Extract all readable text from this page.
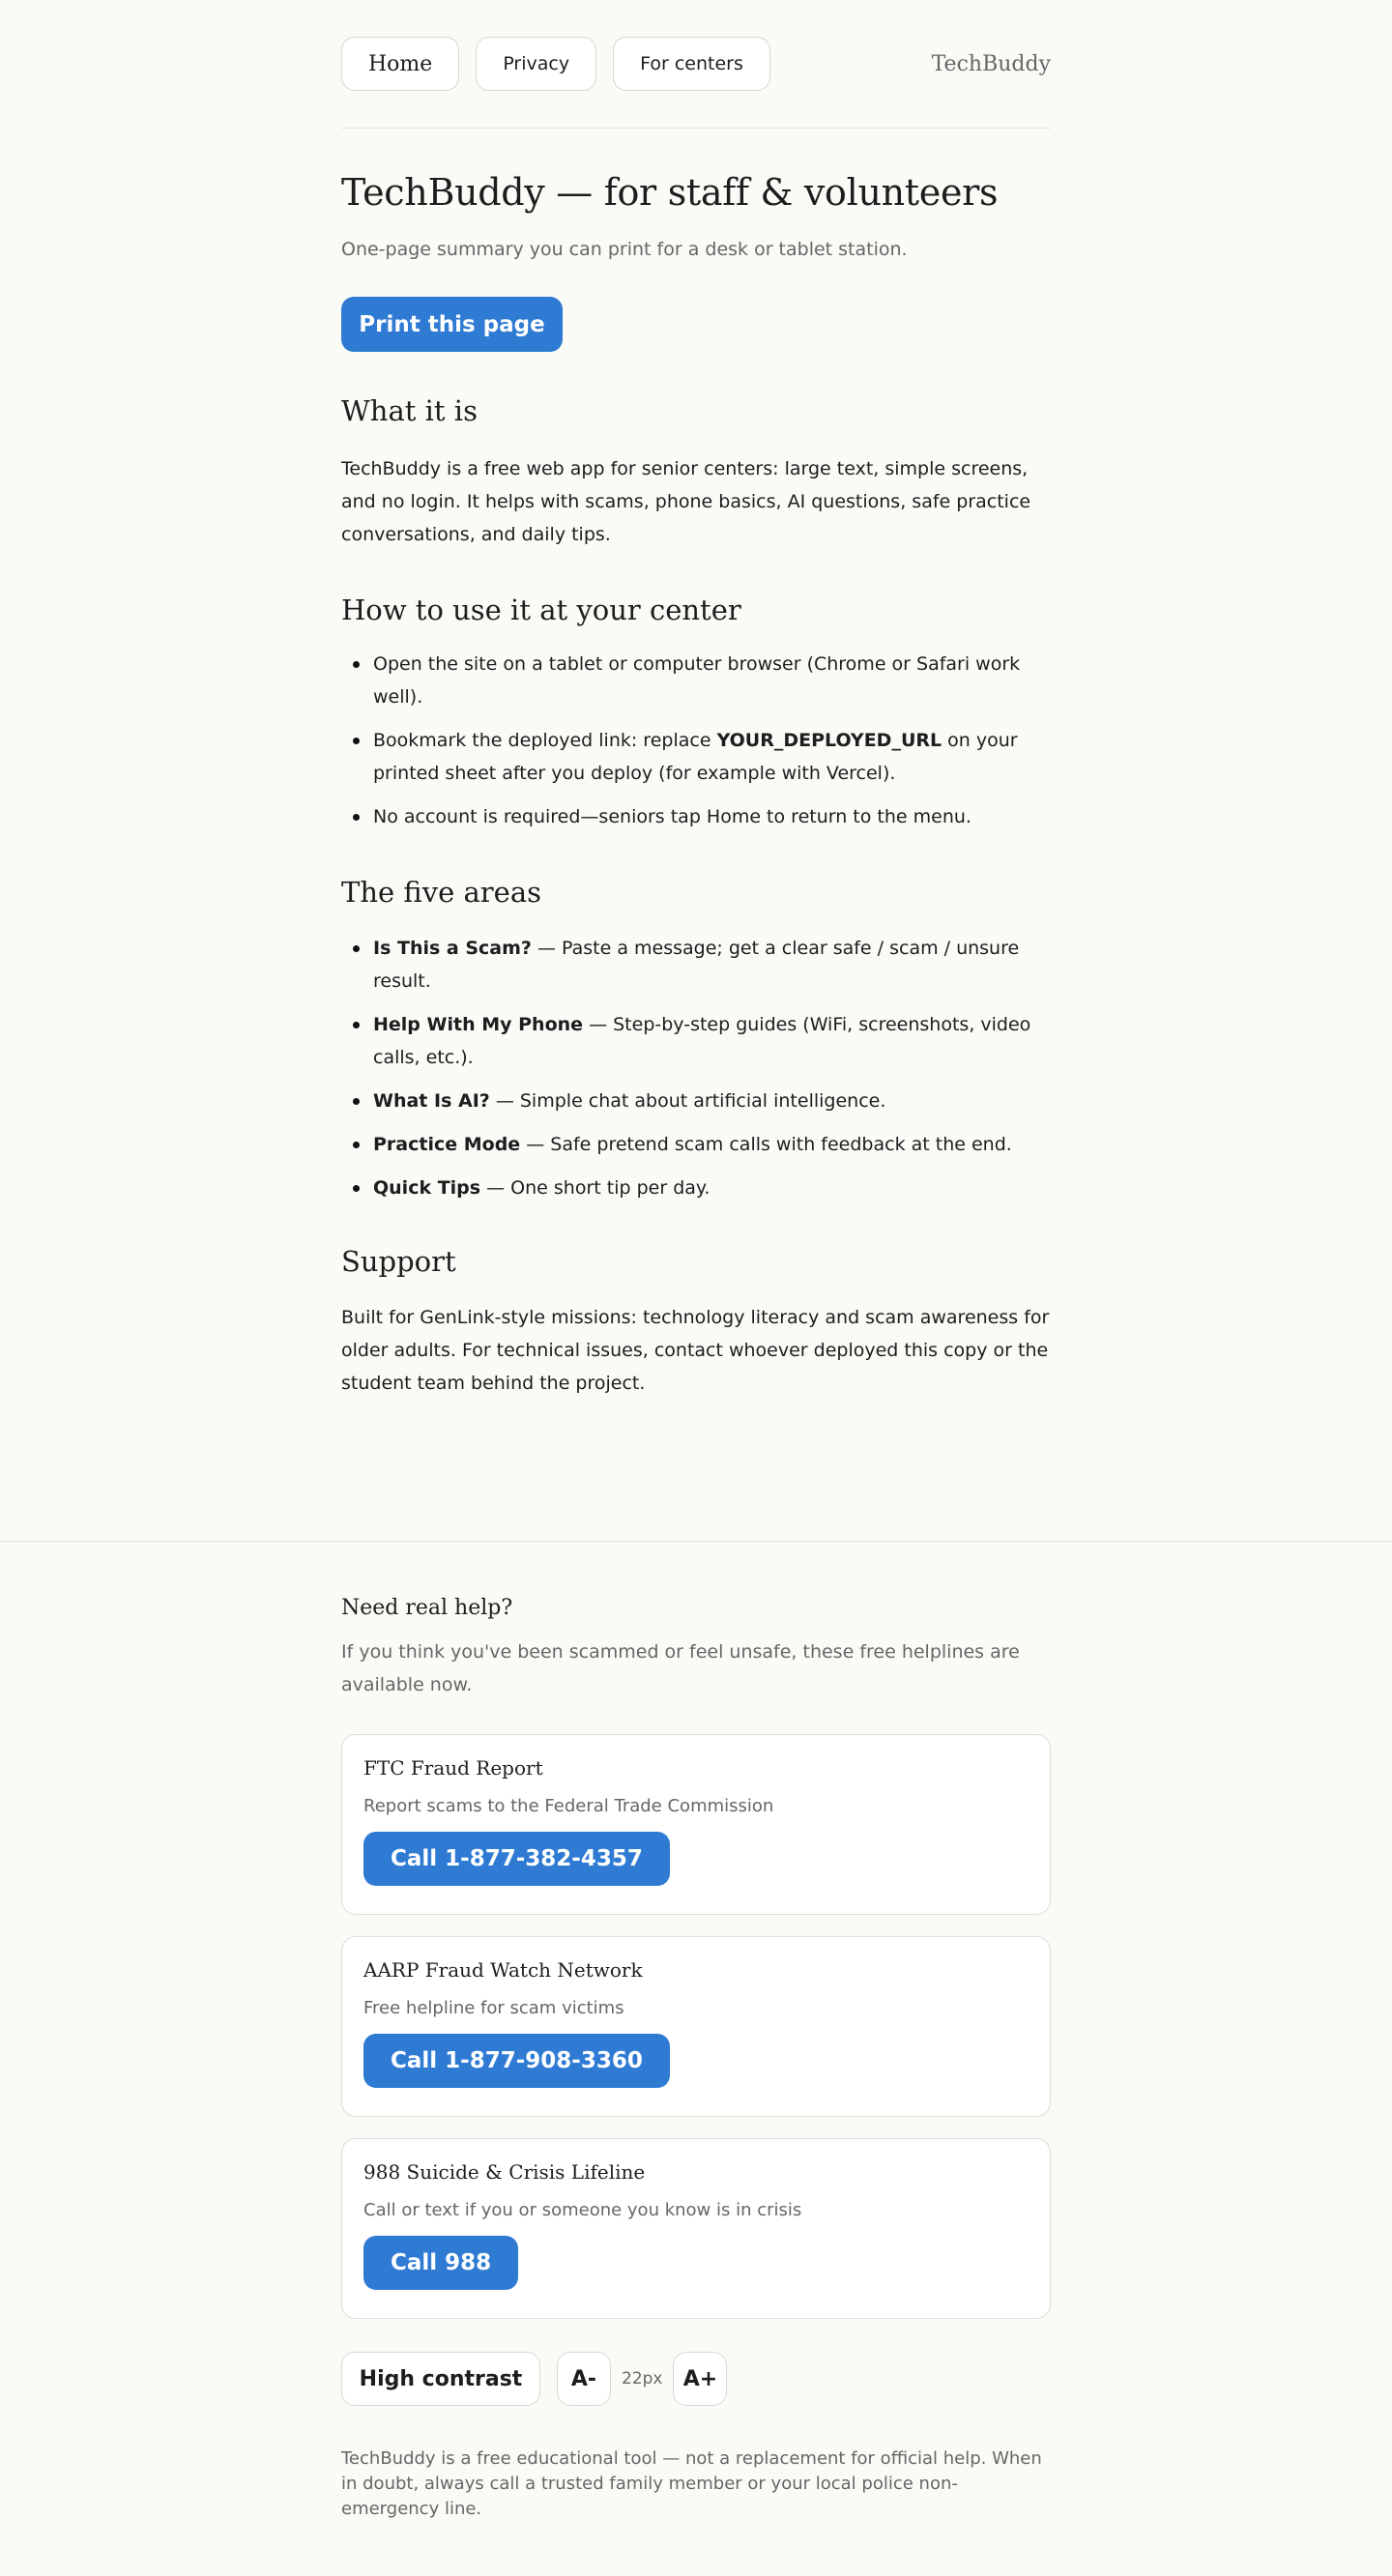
Home	Privacy	For centers	TechBuddy
TechBuddy — for staff & volunteers

One-page summary you can print for a desk or tablet station.

Print this page
What it is

TechBuddy is a free web app for senior centers: large text, simple screens, and no login. It helps with scams, phone basics, AI questions, safe practice conversations, and daily tips.

How to use it at your center
Open the site on a tablet or computer browser (Chrome or Safari work well).
Bookmark the deployed link: replace YOUR_DEPLOYED_URL on your printed sheet after you deploy (for example with Vercel).
No account is required—seniors tap Home to return to the menu.
The five areas
Is This a Scam? — Paste a message; get a clear safe / scam / unsure result.
Help With My Phone — Step-by-step guides (WiFi, screenshots, video calls, etc.).
What Is AI? — Simple chat about artificial intelligence.
Practice Mode — Safe pretend scam calls with feedback at the end.
Quick Tips — One short tip per day.
Support

Built for GenLink-style missions: technology literacy and scam awareness for older adults. For technical issues, contact whoever deployed this copy or the student team behind the project.

Need real help?

If you think you've been scammed or feel unsafe, these free helplines are available now.

FTC Fraud Report
Report scams to the Federal Trade Commission
Call 1-877-382-4357
AARP Fraud Watch Network
Free helpline for scam victims
Call 1-877-908-3360
988 Suicide & Crisis Lifeline
Call or text if you or someone you know is in crisis
Call 988
High contrast	A-	22px A+

TechBuddy is a free educational tool — not a replacement for official help. When in doubt, always call a trusted family member or your local police non-emergency line.
